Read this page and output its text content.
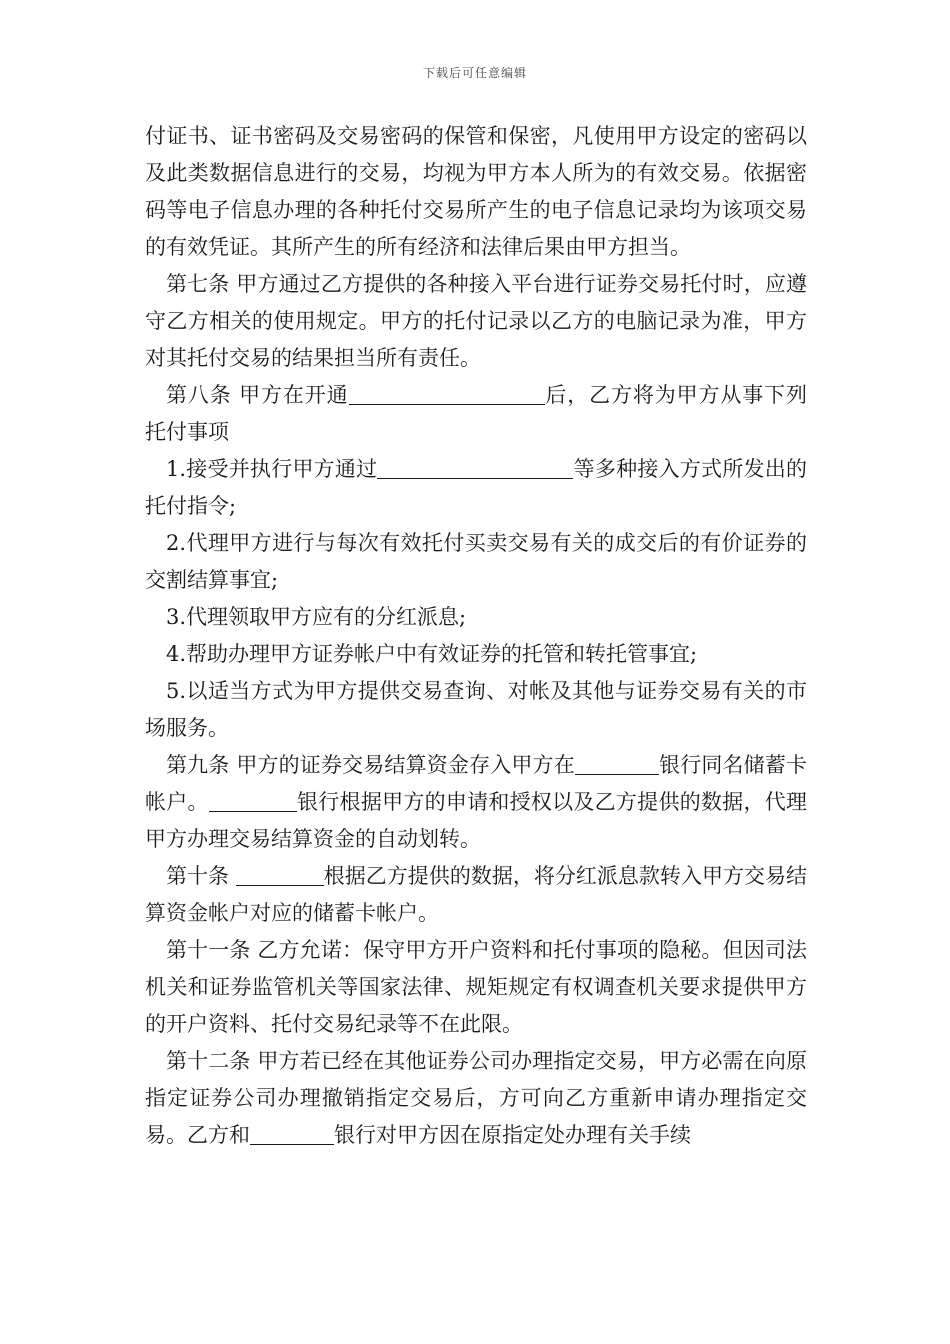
下载后可任意编辑

付证书、证书密码及交易密码的保管和保密，凡使用甲方设定的密码以及此类数据信息进行的交易，均视为甲方本人所为的有效交易。依据密码等电子信息办理的各种托付交易所产生的电子信息记录均为该项交易的有效凭证。其所产生的所有经济和法律后果由甲方担当。

第七条 甲方通过乙方提供的各种接入平台进行证券交易托付时，应遵守乙方相关的使用规定。甲方的托付记录以乙方的电脑记录为准，甲方对其托付交易的结果担当所有责任。

第八条 甲方在开通	后，乙方将为甲方从事下列托付事项

1.接受并执行甲方通过	等多种接入方式所发出的托付指令;

2.代理甲方进行与每次有效托付买卖交易有关的成交后的有价证券的交割结算事宜;

3.代理领取甲方应有的分红派息;

4.帮助办理甲方证券帐户中有效证券的托管和转托管事宜;

5.以适当方式为甲方提供交易查询、对帐及其他与证券交易有关的市场服务。

第九条 甲方的证券交易结算资金存入甲方在	银行同名储蓄卡帐户。	银行根据甲方的申请和授权以及乙方提供的数据，代理甲方办理交易结算资金的自动划转。

第十条	根据乙方提供的数据，将分红派息款转入甲方交易结算资金帐户对应的储蓄卡帐户。

第十一条 乙方允诺：保守甲方开户资料和托付事项的隐秘。但因司法机关和证券监管机关等国家法律、规矩规定有权调查机关要求提供甲方的开户资料、托付交易纪录等不在此限。

第十二条 甲方若已经在其他证券公司办理指定交易，甲方必需在向原指定证券公司办理撤销指定交易后，方可向乙方重新申请办理指定交易。乙方和	银行对甲方因在原指定处办理有关手续
